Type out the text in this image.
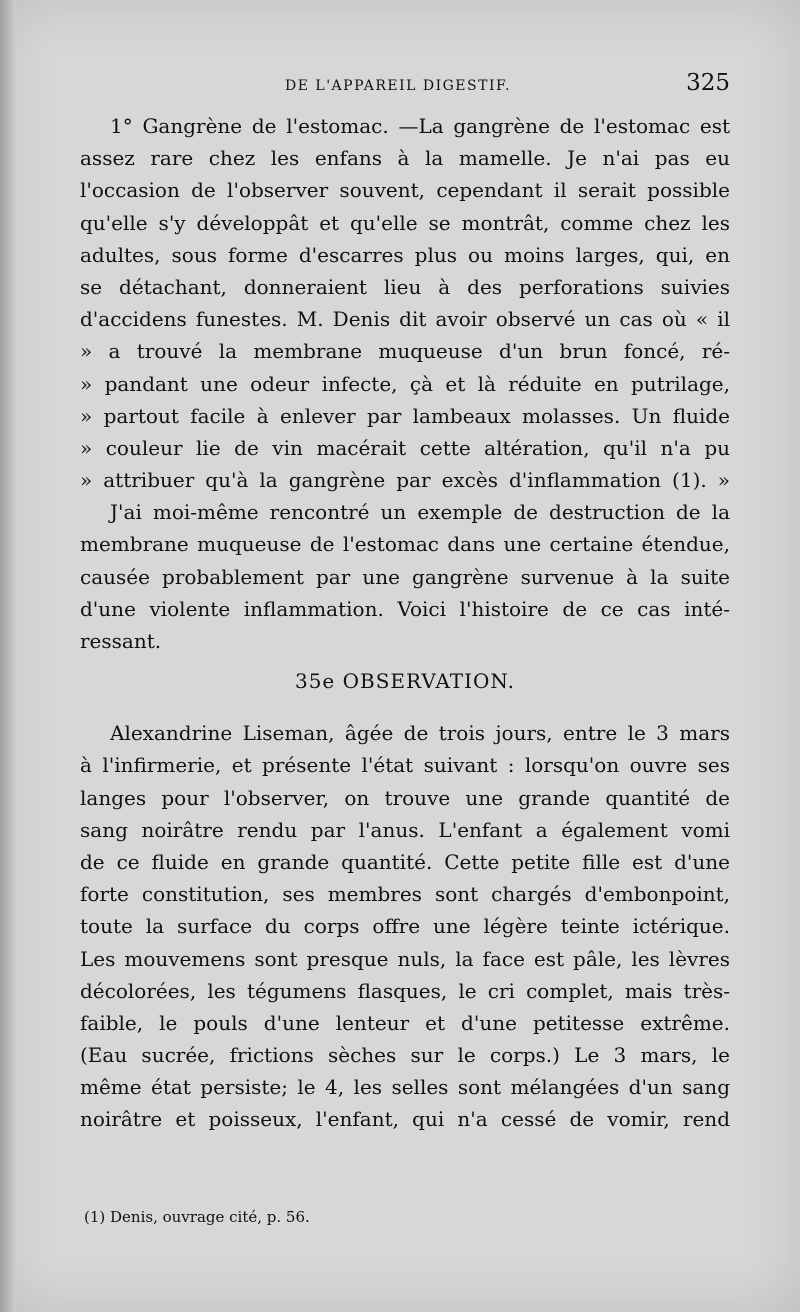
DE L'APPAREIL DIGESTIF.	325
1° Gangrène de l'estomac. —La gangrène de l'estomac est
assez rare chez les enfans à la mamelle. Je n'ai pas eu
l'occasion de l'observer souvent, cependant il serait possible
qu'elle s'y développât et qu'elle se montrât, comme chez les
adultes, sous forme d'escarres plus ou moins larges, qui, en
se détachant, donneraient lieu à des perforations suivies
d'accidens funestes. M. Denis dit avoir observé un cas où « il
» a trouvé la membrane muqueuse d'un brun foncé, ré-
» pandant une odeur infecte, çà et là réduite en putrilage,
» partout facile à enlever par lambeaux molasses. Un fluide
» couleur lie de vin macérait cette altération, qu'il n'a pu
» attribuer qu'à la gangrène par excès d'inflammation (1). »
J'ai moi-même rencontré un exemple de destruction de la
membrane muqueuse de l'estomac dans une certaine étendue,
causée probablement par une gangrène survenue à la suite
d'une violente inflammation. Voici l'histoire de ce cas inté-
ressant.
35e OBSERVATION.
Alexandrine Liseman, âgée de trois jours, entre le 3 mars
à l'infirmerie, et présente l'état suivant : lorsqu'on ouvre ses
langes pour l'observer, on trouve une grande quantité de
sang noirâtre rendu par l'anus. L'enfant a également vomi
de ce fluide en grande quantité. Cette petite fille est d'une
forte constitution, ses membres sont chargés d'embonpoint,
toute la surface du corps offre une légère teinte ictérique.
Les mouvemens sont presque nuls, la face est pâle, les lèvres
décolorées, les tégumens flasques, le cri complet, mais très-
faible, le pouls d'une lenteur et d'une petitesse extrême.
(Eau sucrée, frictions sèches sur le corps.) Le 3 mars, le
même état persiste; le 4, les selles sont mélangées d'un sang
noirâtre et poisseux, l'enfant, qui n'a cessé de vomir, rend
(1) Denis, ouvrage cité, p. 56.
